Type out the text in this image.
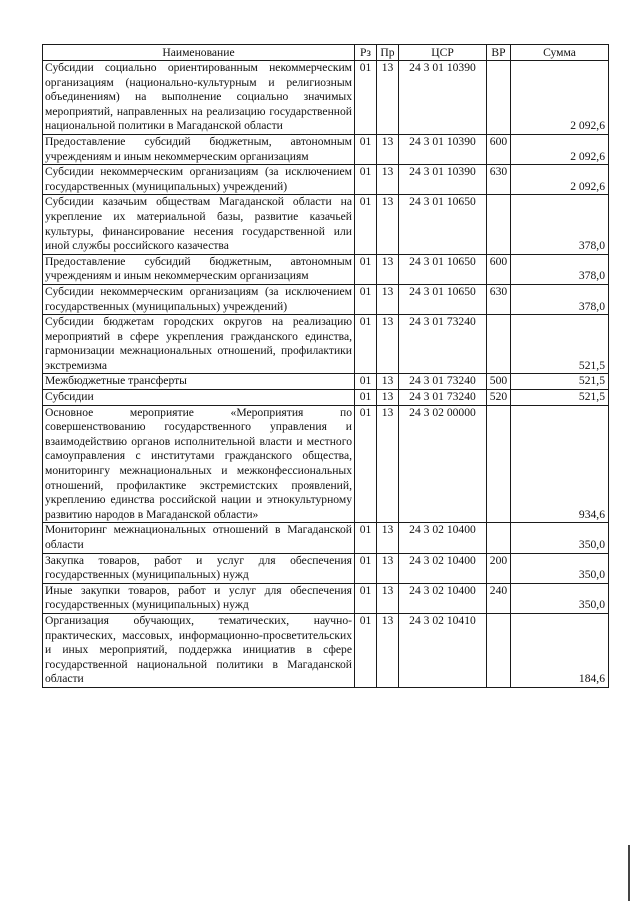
Наименование	Рз	Пр	ЦСР	ВР	Сумма
Субсидии социально ориентированным некоммерческим организациям (национально-культурным и религиозным объединениям) на выполнение социально значимых мероприятий, направленных на реализацию государственной национальной политики в Магаданской области	01	13	24 3 01 10390		2 092,6
Предоставление субсидий бюджетным, автономным учреждениям и иным некоммерческим организациям	01	13	24 3 01 10390	600	2 092,6
Субсидии некоммерческим организациям (за исключением государственных (муниципальных) учреждений)	01	13	24 3 01 10390	630	2 092,6
Субсидии казачьим обществам Магаданской области на укрепление их материальной базы, развитие казачьей культуры, финансирование несения государственной или иной службы российского казачества	01	13	24 3 01 10650		378,0
Предоставление субсидий бюджетным, автономным учреждениям и иным некоммерческим организациям	01	13	24 3 01 10650	600	378,0
Субсидии некоммерческим организациям (за исключением государственных (муниципальных) учреждений)	01	13	24 3 01 10650	630	378,0
Субсидии бюджетам городских округов на реализацию мероприятий в сфере укрепления гражданского единства, гармонизации межнациональных отношений, профилактики экстремизма	01	13	24 3 01 73240		521,5
Межбюджетные трансферты	01	13	24 3 01 73240	500	521,5
Субсидии	01	13	24 3 01 73240	520	521,5
Основное мероприятие «Мероприятия по совершенствованию государственного управления и взаимодействию органов исполнительной власти и местного самоуправления с институтами гражданского общества, мониторингу межнациональных и межконфессиональных отношений, профилактике экстремистских проявлений, укреплению единства российской нации и этнокультурному развитию народов в Магаданской области»	01	13	24 3 02 00000		934,6
Мониторинг межнациональных отношений в Магаданской области	01	13	24 3 02 10400		350,0
Закупка товаров, работ и услуг для обеспечения государственных (муниципальных) нужд	01	13	24 3 02 10400	200	350,0
Иные закупки товаров, работ и услуг для обеспечения государственных (муниципальных) нужд	01	13	24 3 02 10400	240	350,0
Организация обучающих, тематических, научно-практических, массовых, информационно-просветительских и иных мероприятий, поддержка инициатив в сфере государственной национальной политики в Магаданской области	01	13	24 3 02 10410		184,6
